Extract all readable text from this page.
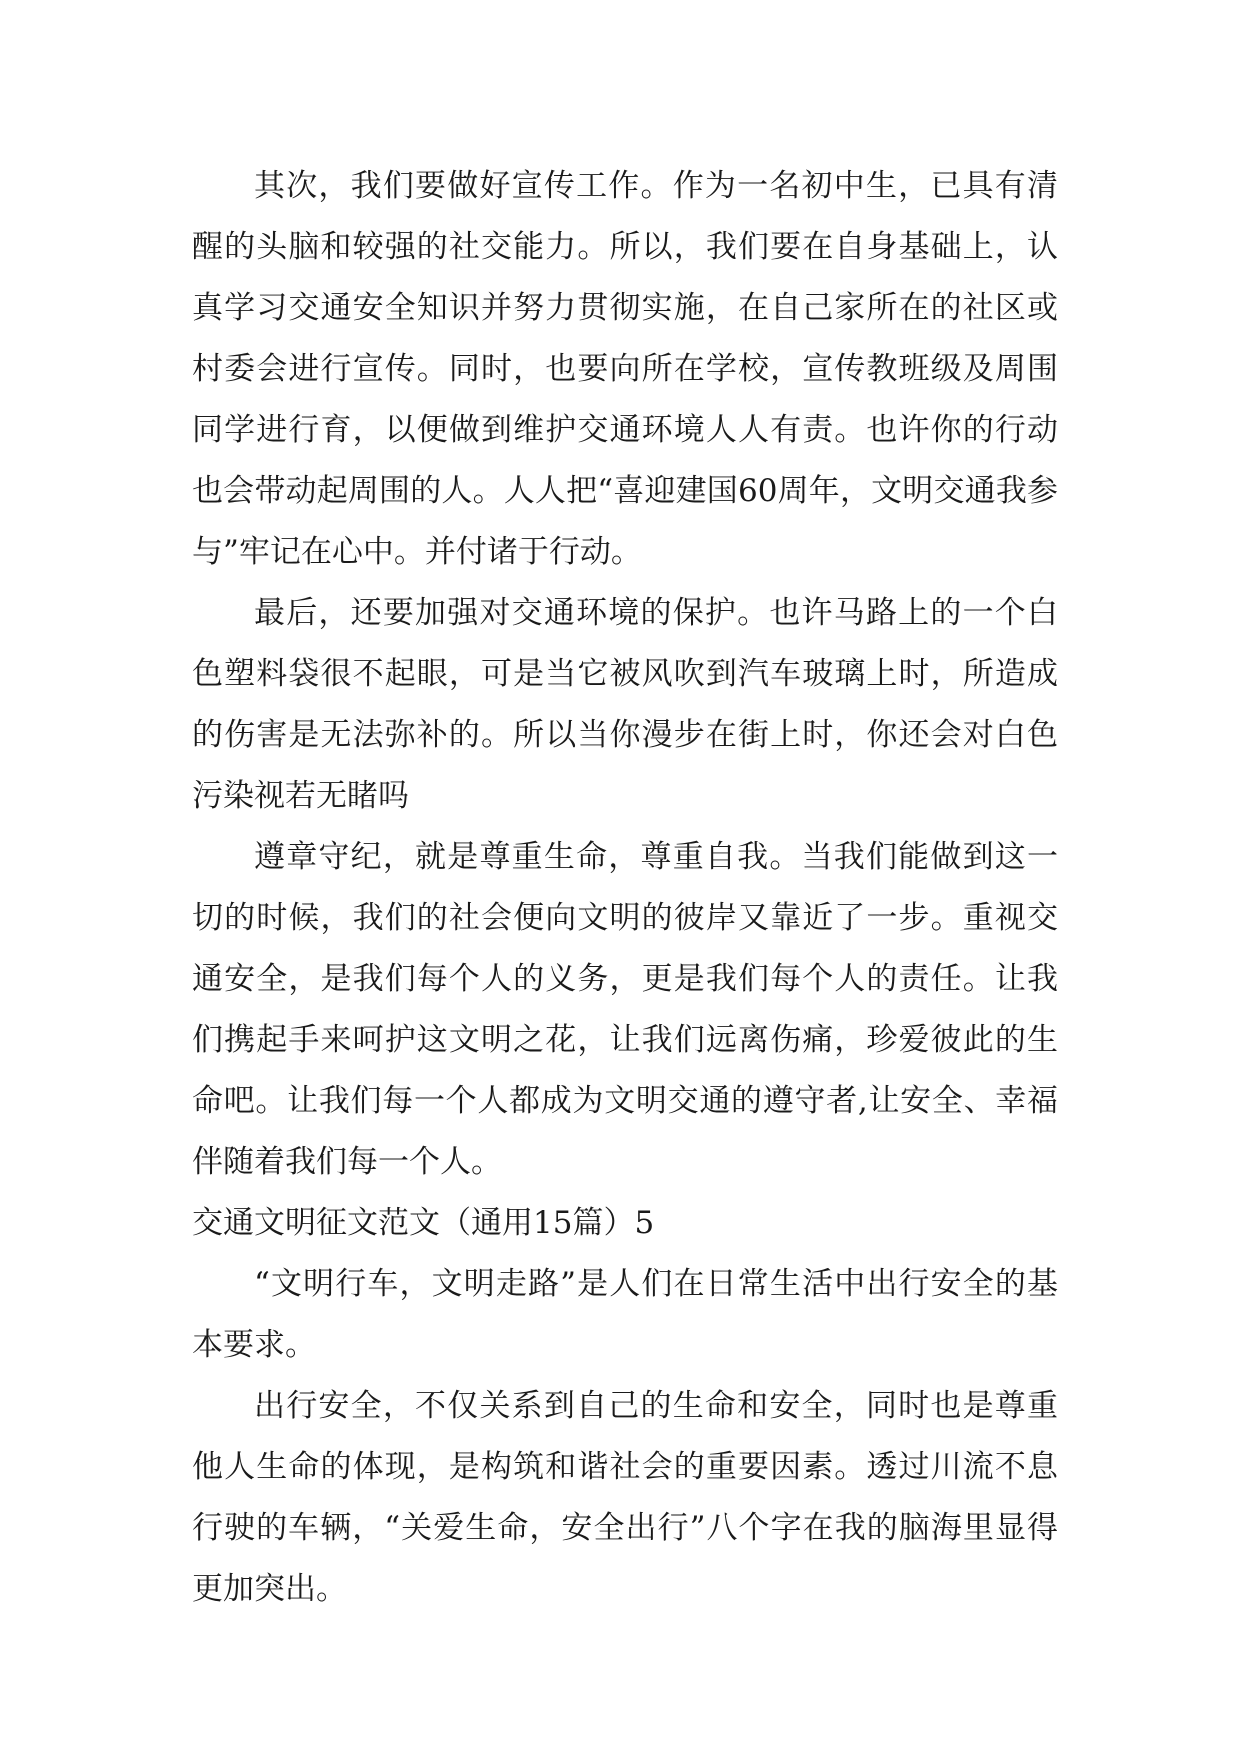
其次，我们要做好宣传工作。作为一名初中生，已具有清醒的头脑和较强的社交能力。所以，我们要在自身基础上，认真学习交通安全知识并努力贯彻实施，在自己家所在的社区或村委会进行宣传。同时，也要向所在学校，宣传教班级及周围同学进行育，以便做到维护交通环境人人有责。也许你的行动也会带动起周围的人。人人把“喜迎建国60周年，文明交通我参与”牢记在心中。并付诸于行动。

最后，还要加强对交通环境的保护。也许马路上的一个白色塑料袋很不起眼，可是当它被风吹到汽车玻璃上时，所造成的伤害是无法弥补的。所以当你漫步在街上时，你还会对白色污染视若无睹吗

遵章守纪，就是尊重生命，尊重自我。当我们能做到这一切的时候，我们的社会便向文明的彼岸又靠近了一步。重视交通安全，是我们每个人的义务，更是我们每个人的责任。让我们携起手来呵护这文明之花，让我们远离伤痛，珍爱彼此的生命吧。让我们每一个人都成为文明交通的遵守者,让安全、幸福伴随着我们每一个人。

交通文明征文范文（通用15篇）5

“文明行车，文明走路”是人们在日常生活中出行安全的基本要求。

出行安全，不仅关系到自己的生命和安全，同时也是尊重他人生命的体现，是构筑和谐社会的重要因素。透过川流不息行驶的车辆，“关爱生命，安全出行”八个字在我的脑海里显得更加突出。
